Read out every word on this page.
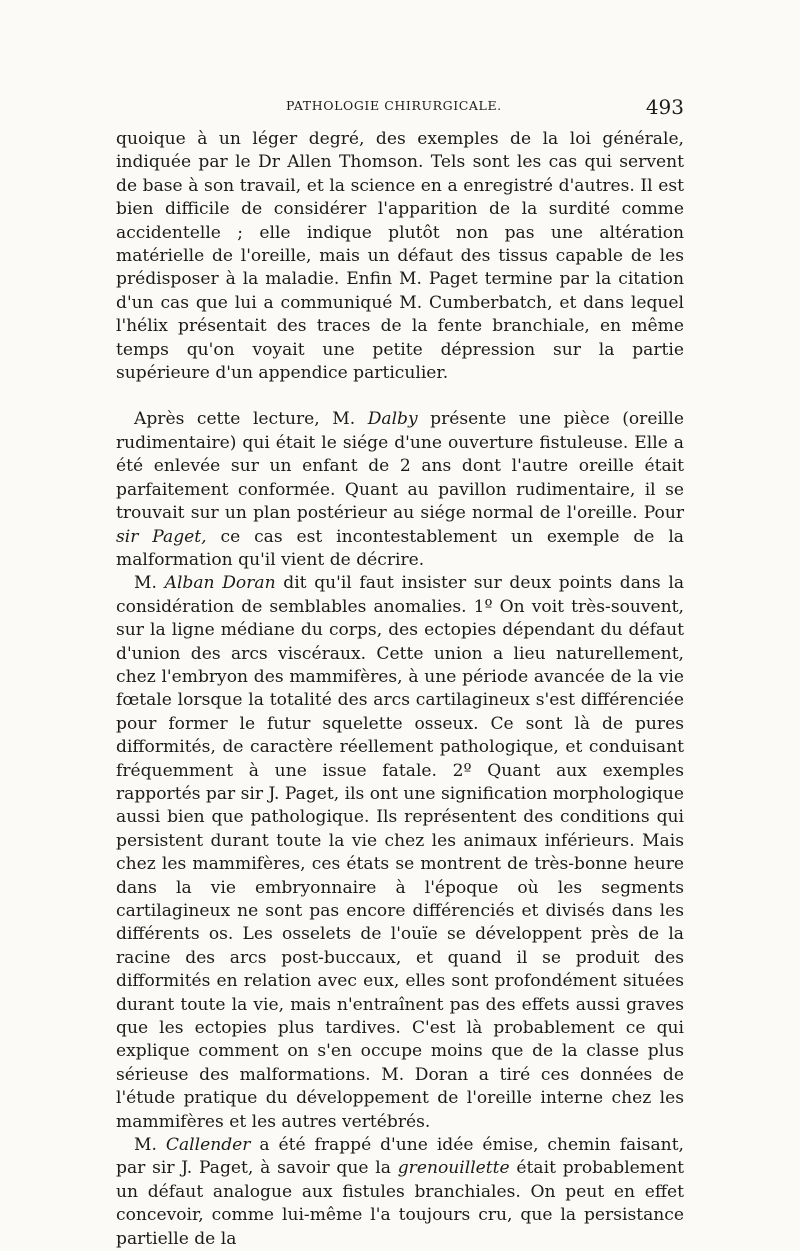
PATHOLOGIE CHIRURGICALE.	493

quoique à un léger degré, des exemples de la loi générale, indiquée par le Dr Allen Thomson. Tels sont les cas qui servent de base à son travail, et la science en a enregistré d'autres. Il est bien difficile de considérer l'apparition de la surdité comme accidentelle ; elle indique plutôt non pas une altération matérielle de l'oreille, mais un défaut des tissus capable de les prédisposer à la maladie. Enfin M. Paget termine par la citation d'un cas que lui a communiqué M. Cumberbatch, et dans lequel l'hélix présentait des traces de la fente branchiale, en même temps qu'on voyait une petite dépression sur la partie supérieure d'un appendice particulier.

Après cette lecture, M. Dalby présente une pièce (oreille rudimentaire) qui était le siége d'une ouverture fistuleuse. Elle a été enlevée sur un enfant de 2 ans dont l'autre oreille était parfaitement conformée. Quant au pavillon rudimentaire, il se trouvait sur un plan postérieur au siége normal de l'oreille. Pour sir Paget, ce cas est incontestablement un exemple de la malformation qu'il vient de décrire.

M. Alban Doran dit qu'il faut insister sur deux points dans la considération de semblables anomalies. 1º On voit très-souvent, sur la ligne médiane du corps, des ectopies dépendant du défaut d'union des arcs viscéraux. Cette union a lieu naturellement, chez l'embryon des mammifères, à une période avancée de la vie fœtale lorsque la totalité des arcs cartilagineux s'est différenciée pour former le futur squelette osseux. Ce sont là de pures difformités, de caractère réellement pathologique, et conduisant fréquemment à une issue fatale. 2º Quant aux exemples rapportés par sir J. Paget, ils ont une signification morphologique aussi bien que pathologique. Ils représentent des conditions qui persistent durant toute la vie chez les animaux inférieurs. Mais chez les mammifères, ces états se montrent de très-bonne heure dans la vie embryonnaire à l'époque où les segments cartilagineux ne sont pas encore différenciés et divisés dans les différents os. Les osselets de l'ouïe se développent près de la racine des arcs post-buccaux, et quand il se produit des difformités en relation avec eux, elles sont profondément situées durant toute la vie, mais n'entraînent pas des effets aussi graves que les ectopies plus tardives. C'est là probablement ce qui explique comment on s'en occupe moins que de la classe plus sérieuse des malformations. M. Doran a tiré ces données de l'étude pratique du développement de l'oreille interne chez les mammifères et les autres vertébrés.

M. Callender a été frappé d'une idée émise, chemin faisant, par sir J. Paget, à savoir que la grenouillette était probablement un défaut analogue aux fistules branchiales. On peut en effet concevoir, comme lui-même l'a toujours cru, que la persistance partielle de la
